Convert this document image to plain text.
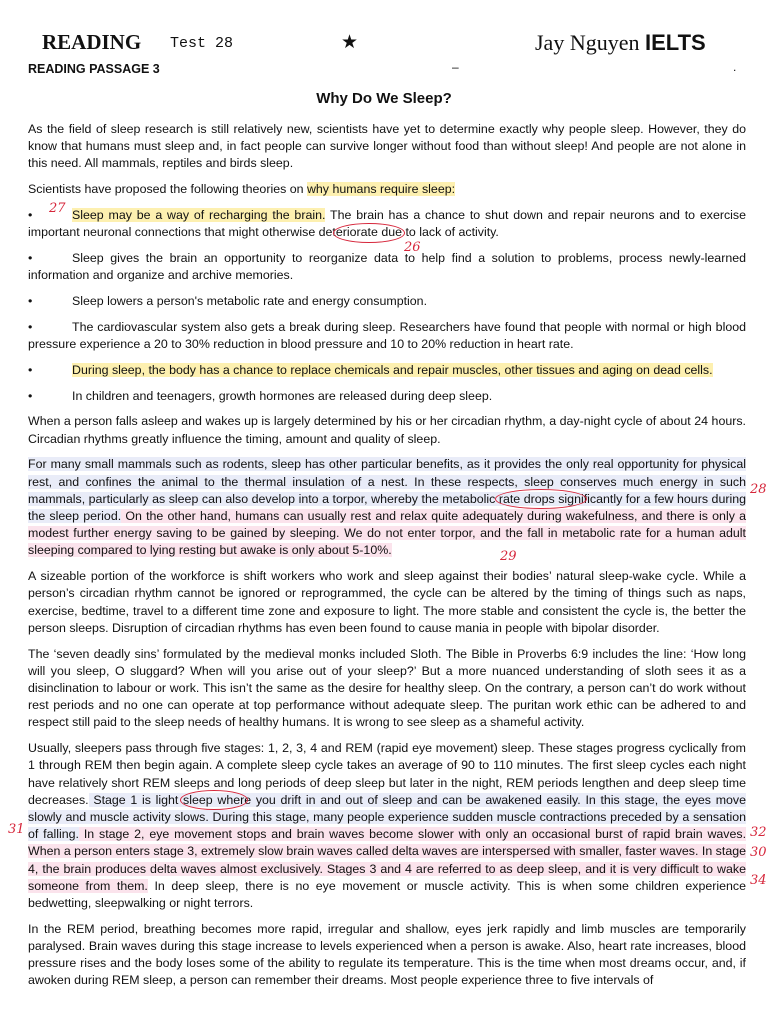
READING Test 28	★	Jay Nguyen IELTS
READING PASSAGE 3	–	.
Why Do We Sleep?

As the field of sleep research is still relatively new, scientists have yet to determine exactly why people sleep. However, they do know that humans must sleep and, in fact people can survive longer without food than without sleep! And people are not alone in this need. All mammals, reptiles and birds sleep.

Scientists have proposed the following theories on why humans require sleep:

•	Sleep may be a way of recharging the brain. The brain has a chance to shut down and repair neurons and to exercise important neuronal connections that might otherwise deteriorate due to lack of activity.

•	Sleep gives the brain an opportunity to reorganize data to help find a solution to problems, process newly-learned information and organize and archive memories.

•	Sleep lowers a person's metabolic rate and energy consumption.

•	The cardiovascular system also gets a break during sleep. Researchers have found that people with normal or high blood pressure experience a 20 to 30% reduction in blood pressure and 10 to 20% reduction in heart rate.

•	During sleep, the body has a chance to replace chemicals and repair muscles, other tissues and aging on dead cells.

•	In children and teenagers, growth hormones are released during deep sleep.

When a person falls asleep and wakes up is largely determined by his or her circadian rhythm, a day-night cycle of about 24 hours. Circadian rhythms greatly influence the timing, amount and quality of sleep.

For many small mammals such as rodents, sleep has other particular benefits, as it provides the only real opportunity for physical rest, and confines the animal to the thermal insulation of a nest. In these respects, sleep conserves much energy in such mammals, particularly as sleep can also develop into a torpor, whereby the metabolic rate drops significantly for a few hours during the sleep period. On the other hand, humans can usually rest and relax quite adequately during wakefulness, and there is only a modest further energy saving to be gained by sleeping. We do not enter torpor, and the fall in metabolic rate for a human adult sleeping compared to lying resting but awake is only about 5-10%.

A sizeable portion of the workforce is shift workers who work and sleep against their bodies’ natural sleep-wake cycle. While a person’s circadian rhythm cannot be ignored or reprogrammed, the cycle can be altered by the timing of things such as naps, exercise, bedtime, travel to a different time zone and exposure to light. The more stable and consistent the cycle is, the better the person sleeps. Disruption of circadian rhythms has even been found to cause mania in people with bipolar disorder.

The ‘seven deadly sins’ formulated by the medieval monks included Sloth. The Bible in Proverbs 6:9 includes the line: ‘How long will you sleep, O sluggard? When will you arise out of your sleep?’ But a more nuanced understanding of sloth sees it as a disinclination to labour or work. This isn’t the same as the desire for healthy sleep. On the contrary, a person can’t do work without rest periods and no one can operate at top performance without adequate sleep. The puritan work ethic can be adhered to and respect still paid to the sleep needs of healthy humans. It is wrong to see sleep as a shameful activity.

Usually, sleepers pass through five stages: 1, 2, 3, 4 and REM (rapid eye movement) sleep. These stages progress cyclically from 1 through REM then begin again. A complete sleep cycle takes an average of 90 to 110 minutes. The first sleep cycles each night have relatively short REM sleeps and long periods of deep sleep but later in the night, REM periods lengthen and deep sleep time decreases. Stage 1 is light sleep where you drift in and out of sleep and can be awakened easily. In this stage, the eyes move slowly and muscle activity slows. During this stage, many people experience sudden muscle contractions preceded by a sensation of falling. In stage 2, eye movement stops and brain waves become slower with only an occasional burst of rapid brain waves. When a person enters stage 3, extremely slow brain waves called delta waves are interspersed with smaller, faster waves. In stage 4, the brain produces delta waves almost exclusively. Stages 3 and 4 are referred to as deep sleep, and it is very difficult to wake someone from them. In deep sleep, there is no eye movement or muscle activity. This is when some children experience bedwetting, sleepwalking or night terrors.

In the REM period, breathing becomes more rapid, irregular and shallow, eyes jerk rapidly and limb muscles are temporarily paralysed. Brain waves during this stage increase to levels experienced when a person is awake. Also, heart rate increases, blood pressure rises and the body loses some of the ability to regulate its temperature. This is the time when most dreams occur, and, if awoken during REM sleep, a person can remember their dreams. Most people experience three to five intervals of

27
26
28
29
31	32
30
34
